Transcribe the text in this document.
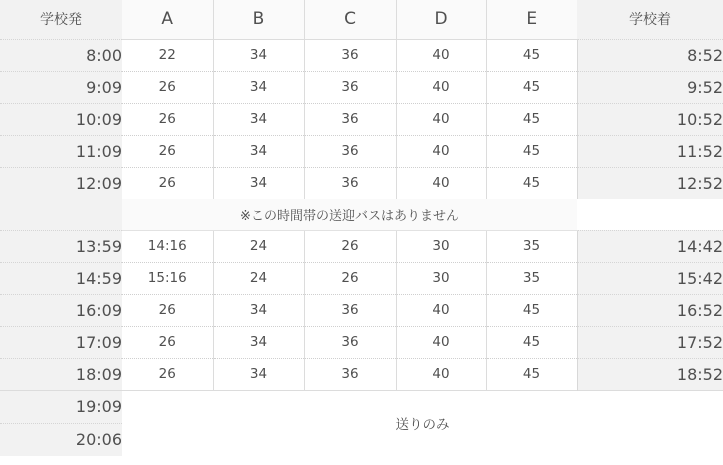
学校発	A	B	C	D	E	学校着
8:00	22	34	36	40	45	8:52
9:09	26	34	36	40	45	9:52
10:09	26	34	36	40	45	10:52
11:09	26	34	36	40	45	11:52
12:09	26	34	36	40	45	12:52
	※この時間帯の送迎バスはありません					
13:59	14:16	24	26	30	35	14:42
14:59	15:16	24	26	30	35	15:42
16:09	26	34	36	40	45	16:52
17:09	26	34	36	40	45	17:52
18:09	26	34	36	40	45	18:52
19:09	送りのみ					
20:06						
